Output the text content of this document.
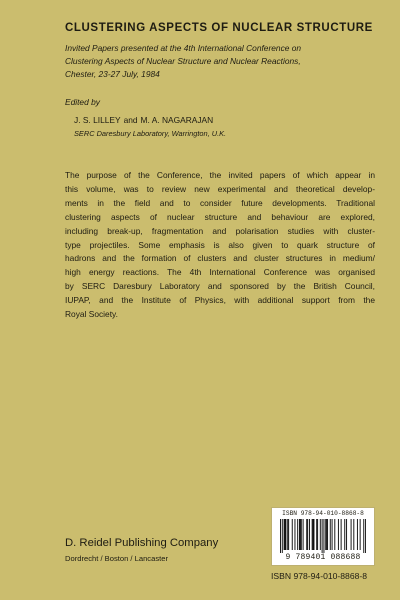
CLUSTERING ASPECTS OF NUCLEAR STRUCTURE
Invited Papers presented at the 4th International Conference on
Clustering Aspects of Nuclear Structure and Nuclear Reactions,
Chester, 23-27 July, 1984
Edited by
J. S. LILLEY and M. A. NAGARAJAN
SERC Daresbury Laboratory, Warrington, U.K.
The purpose of the Conference, the invited papers of which appear in
this volume, was to review new experimental and theoretical develop-
ments in the field and to consider future developments. Traditional
clustering aspects of nuclear structure and behaviour are explored,
including break-up, fragmentation and polarisation studies with cluster-
type projectiles. Some emphasis is also given to quark structure of
hadrons and the formation of clusters and cluster structures in medium/
high energy reactions. The 4th International Conference was organised
by SERC Daresbury Laboratory and sponsored by the British Council,
IUPAP, and the Institute of Physics, with additional support from the
Royal Society.
ISBN 978-94-010-8868-8
9 789401 088688
D. Reidel Publishing Company
Dordrecht / Boston / Lancaster
ISBN 978-94-010-8868-8
